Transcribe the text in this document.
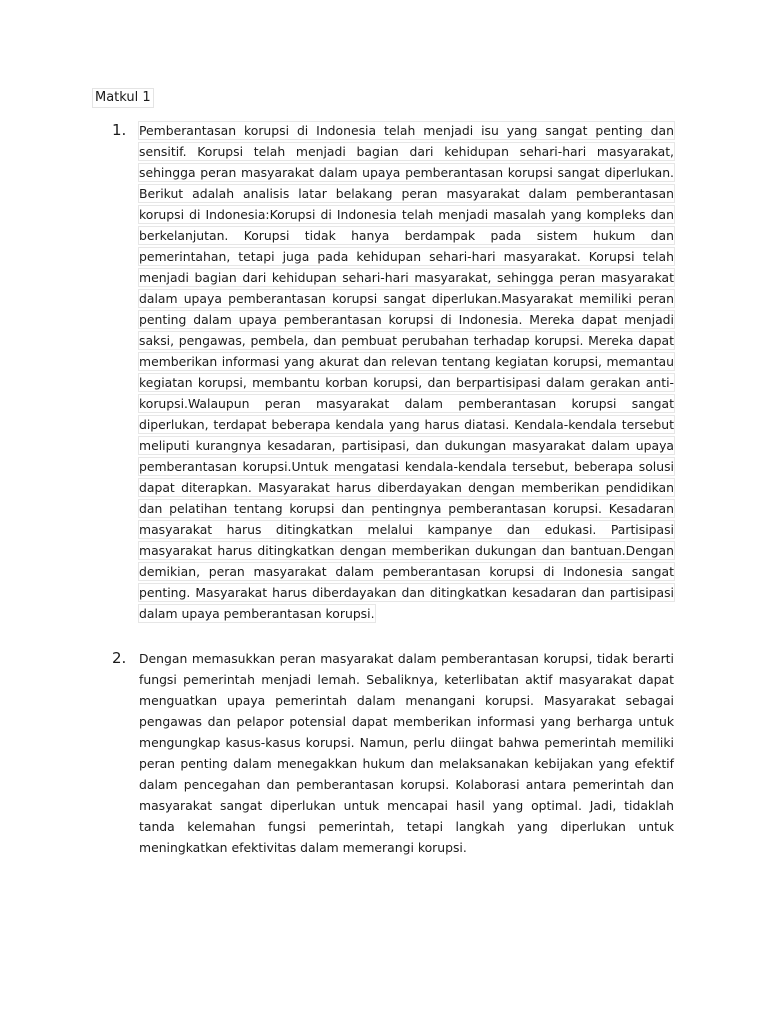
Matkul 1
1.	Pemberantasan korupsi di Indonesia telah menjadi isu yang sangat penting dan sensitif. Korupsi telah menjadi bagian dari kehidupan sehari-hari masyarakat, sehingga peran masyarakat dalam upaya pemberantasan korupsi sangat diperlukan. Berikut adalah analisis latar belakang peran masyarakat dalam pemberantasan korupsi di Indonesia:Korupsi di Indonesia telah menjadi masalah yang kompleks dan berkelanjutan. Korupsi tidak hanya berdampak pada sistem hukum dan pemerintahan, tetapi juga pada kehidupan sehari-hari masyarakat. Korupsi telah menjadi bagian dari kehidupan sehari-hari masyarakat, sehingga peran masyarakat dalam upaya pemberantasan korupsi sangat diperlukan.Masyarakat memiliki peran penting dalam upaya pemberantasan korupsi di Indonesia. Mereka dapat menjadi saksi, pengawas, pembela, dan pembuat perubahan terhadap korupsi. Mereka dapat memberikan informasi yang akurat dan relevan tentang kegiatan korupsi, memantau kegiatan korupsi, membantu korban korupsi, dan berpartisipasi dalam gerakan anti-korupsi.Walaupun peran masyarakat dalam pemberantasan korupsi sangat diperlukan, terdapat beberapa kendala yang harus diatasi. Kendala-kendala tersebut meliputi kurangnya kesadaran, partisipasi, dan dukungan masyarakat dalam upaya pemberantasan korupsi.Untuk mengatasi kendala-kendala tersebut, beberapa solusi dapat diterapkan. Masyarakat harus diberdayakan dengan memberikan pendidikan dan pelatihan tentang korupsi dan pentingnya pemberantasan korupsi. Kesadaran masyarakat harus ditingkatkan melalui kampanye dan edukasi. Partisipasi masyarakat harus ditingkatkan dengan memberikan dukungan dan bantuan.Dengan demikian, peran masyarakat dalam pemberantasan korupsi di Indonesia sangat penting. Masyarakat harus diberdayakan dan ditingkatkan kesadaran dan partisipasi dalam upaya pemberantasan korupsi.
2.	Dengan memasukkan peran masyarakat dalam pemberantasan korupsi, tidak berarti fungsi pemerintah menjadi lemah. Sebaliknya, keterlibatan aktif masyarakat dapat menguatkan upaya pemerintah dalam menangani korupsi. Masyarakat sebagai pengawas dan pelapor potensial dapat memberikan informasi yang berharga untuk mengungkap kasus-kasus korupsi. Namun, perlu diingat bahwa pemerintah memiliki peran penting dalam menegakkan hukum dan melaksanakan kebijakan yang efektif dalam pencegahan dan pemberantasan korupsi. Kolaborasi antara pemerintah dan masyarakat sangat diperlukan untuk mencapai hasil yang optimal. Jadi, tidaklah tanda kelemahan fungsi pemerintah, tetapi langkah yang diperlukan untuk meningkatkan efektivitas dalam memerangi korupsi.
